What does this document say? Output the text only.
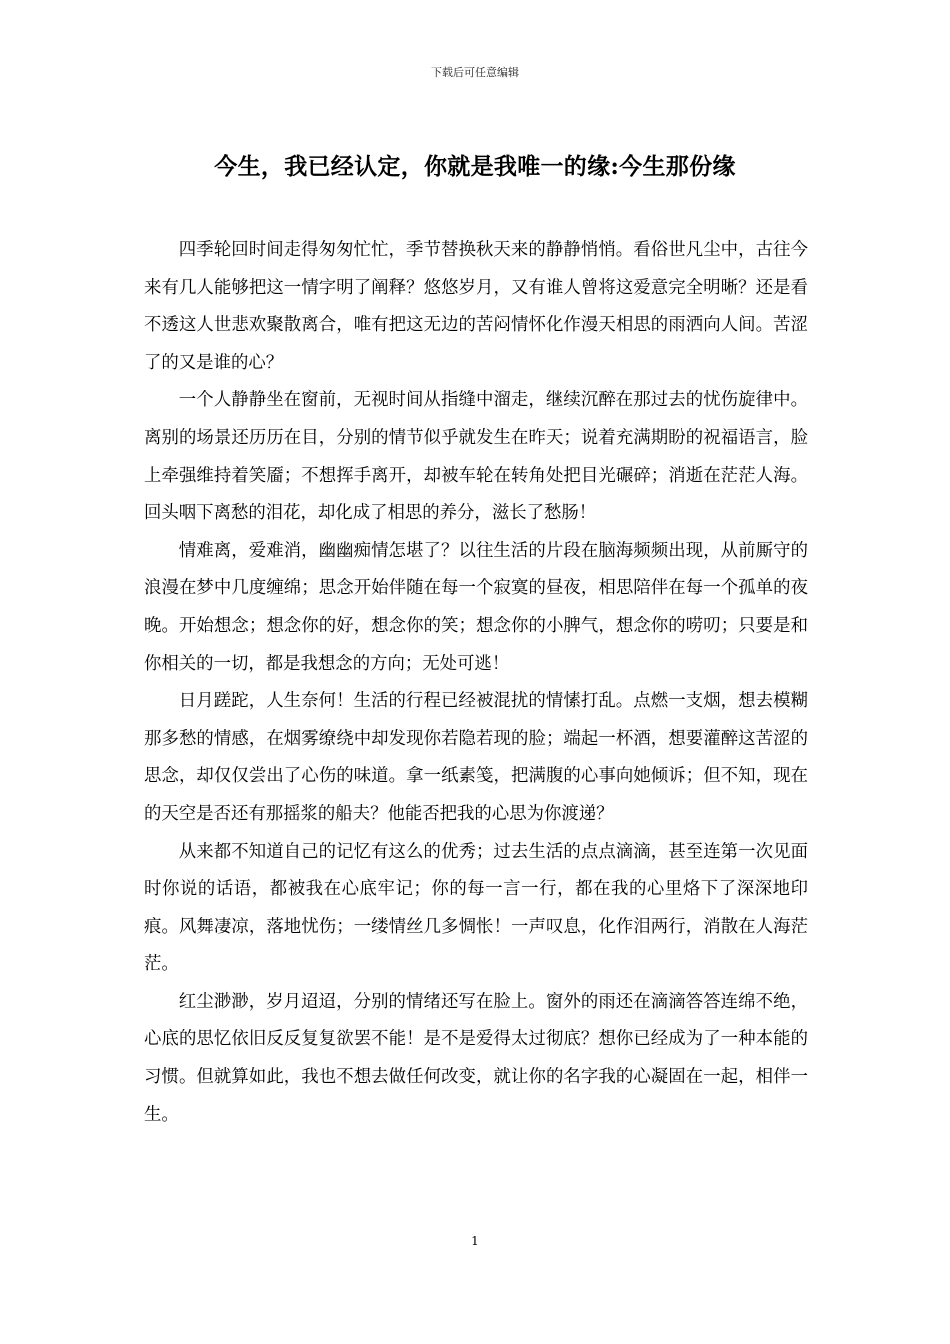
下载后可任意编辑
今生，我已经认定，你就是我唯一的缘:今生那份缘

四季轮回时间走得匆匆忙忙，季节替换秋天来的静静悄悄。看俗世凡尘中，古往今来有几人能够把这一情字明了阐释？悠悠岁月，又有谁人曾将这爱意完全明晰？还是看不透这人世悲欢聚散离合，唯有把这无边的苦闷情怀化作漫天相思的雨洒向人间。苦涩了的又是谁的心？

一个人静静坐在窗前，无视时间从指缝中溜走，继续沉醉在那过去的忧伤旋律中。离别的场景还历历在目，分别的情节似乎就发生在昨天；说着充满期盼的祝福语言，脸上牵强维持着笑靥；不想挥手离开，却被车轮在转角处把目光碾碎；消逝在茫茫人海。回头咽下离愁的泪花，却化成了相思的养分，滋长了愁肠！

情难离，爱难消，幽幽痴情怎堪了？以往生活的片段在脑海频频出现，从前厮守的浪漫在梦中几度缠绵；思念开始伴随在每一个寂寞的昼夜，相思陪伴在每一个孤单的夜晚。开始想念；想念你的好，想念你的笑；想念你的小脾气，想念你的唠叨；只要是和你相关的一切，都是我想念的方向；无处可逃！

日月蹉跎，人生奈何！生活的行程已经被混扰的情愫打乱。点燃一支烟，想去模糊那多愁的情感，在烟雾缭绕中却发现你若隐若现的脸；端起一杯酒，想要灌醉这苦涩的思念，却仅仅尝出了心伤的味道。拿一纸素笺，把满腹的心事向她倾诉；但不知，现在的天空是否还有那摇浆的船夫？他能否把我的心思为你渡递？

从来都不知道自己的记忆有这么的优秀；过去生活的点点滴滴，甚至连第一次见面时你说的话语，都被我在心底牢记；你的每一言一行，都在我的心里烙下了深深地印痕。风舞凄凉，落地忧伤；一缕情丝几多惆怅！一声叹息，化作泪两行，消散在人海茫茫。

红尘渺渺，岁月迢迢，分别的情绪还写在脸上。窗外的雨还在滴滴答答连绵不绝，心底的思忆依旧反反复复欲罢不能！是不是爱得太过彻底？想你已经成为了一种本能的习惯。但就算如此，我也不想去做任何改变，就让你的名字我的心凝固在一起，相伴一生。

1
